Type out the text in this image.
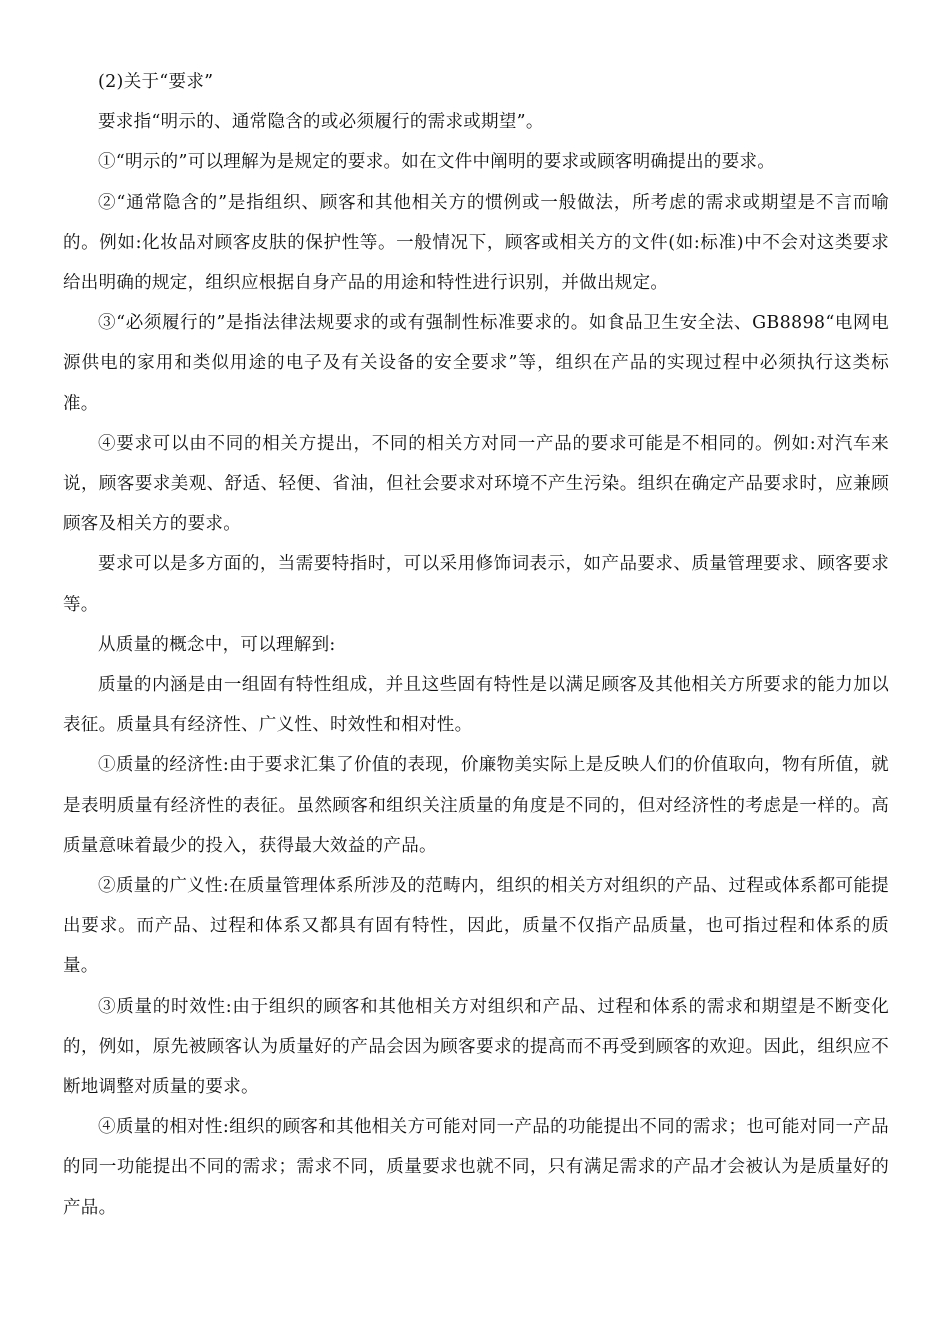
(2)关于“要求”

要求指“明示的、通常隐含的或必须履行的需求或期望”。

①“明示的”可以理解为是规定的要求。如在文件中阐明的要求或顾客明确提出的要求。

②“通常隐含的”是指组织、顾客和其他相关方的惯例或一般做法，所考虑的需求或期望是不言而喻的。例如:化妆品对顾客皮肤的保护性等。一般情况下，顾客或相关方的文件(如:标准)中不会对这类要求给出明确的规定，组织应根据自身产品的用途和特性进行识别，并做出规定。

③“必须履行的”是指法律法规要求的或有强制性标准要求的。如食品卫生安全法、GB8898“电网电源供电的家用和类似用途的电子及有关设备的安全要求”等，组织在产品的实现过程中必须执行这类标准。

④要求可以由不同的相关方提出，不同的相关方对同一产品的要求可能是不相同的。例如:对汽车来说，顾客要求美观、舒适、轻便、省油，但社会要求对环境不产生污染。组织在确定产品要求时，应兼顾顾客及相关方的要求。

要求可以是多方面的，当需要特指时，可以采用修饰词表示，如产品要求、质量管理要求、顾客要求等。

从质量的概念中，可以理解到:

质量的内涵是由一组固有特性组成，并且这些固有特性是以满足顾客及其他相关方所要求的能力加以表征。质量具有经济性、广义性、时效性和相对性。

①质量的经济性:由于要求汇集了价值的表现，价廉物美实际上是反映人们的价值取向，物有所值，就是表明质量有经济性的表征。虽然顾客和组织关注质量的角度是不同的，但对经济性的考虑是一样的。高质量意味着最少的投入，获得最大效益的产品。

②质量的广义性:在质量管理体系所涉及的范畴内，组织的相关方对组织的产品、过程或体系都可能提出要求。而产品、过程和体系又都具有固有特性，因此，质量不仅指产品质量，也可指过程和体系的质量。

③质量的时效性:由于组织的顾客和其他相关方对组织和产品、过程和体系的需求和期望是不断变化的，例如，原先被顾客认为质量好的产品会因为顾客要求的提高而不再受到顾客的欢迎。因此，组织应不断地调整对质量的要求。

④质量的相对性:组织的顾客和其他相关方可能对同一产品的功能提出不同的需求；也可能对同一产品的同一功能提出不同的需求；需求不同，质量要求也就不同，只有满足需求的产品才会被认为是质量好的产品。
